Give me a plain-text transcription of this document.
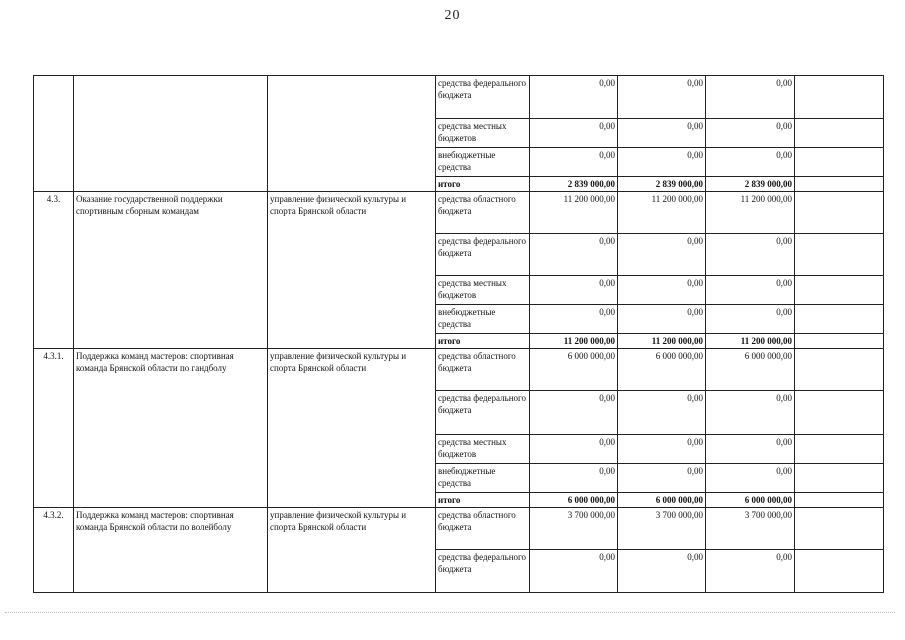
20
			средства федерального бюджета	0,00	0,00	0,00	
			средства местных бюджетов	0,00	0,00	0,00	
			внебюджетные средства	0,00	0,00	0,00	
			итого	2 839 000,00	2 839 000,00	2 839 000,00	
4.3.	Оказание государственной поддержки спортивным сборным командам	управление физической культуры и спорта Брянской области	средства областного бюджета	11 200 000,00	11 200 000,00	11 200 000,00	
			средства федерального бюджета	0,00	0,00	0,00	
			средства местных бюджетов	0,00	0,00	0,00	
			внебюджетные средства	0,00	0,00	0,00	
			итого	11 200 000,00	11 200 000,00	11 200 000,00	
4.3.1.	Поддержка команд мастеров: спортивная команда Брянской области по гандболу	управление физической культуры и спорта Брянской области	средства областного бюджета	6 000 000,00	6 000 000,00	6 000 000,00	
			средства федерального бюджета	0,00	0,00	0,00	
			средства местных бюджетов	0,00	0,00	0,00	
			внебюджетные средства	0,00	0,00	0,00	
			итого	6 000 000,00	6 000 000,00	6 000 000,00	
4.3.2.	Поддержка команд мастеров: спортивная команда Брянской области по волейболу	управление физической культуры и спорта Брянской области	средства областного бюджета	3 700 000,00	3 700 000,00	3 700 000,00	
			средства федерального бюджета	0,00	0,00	0,00	
